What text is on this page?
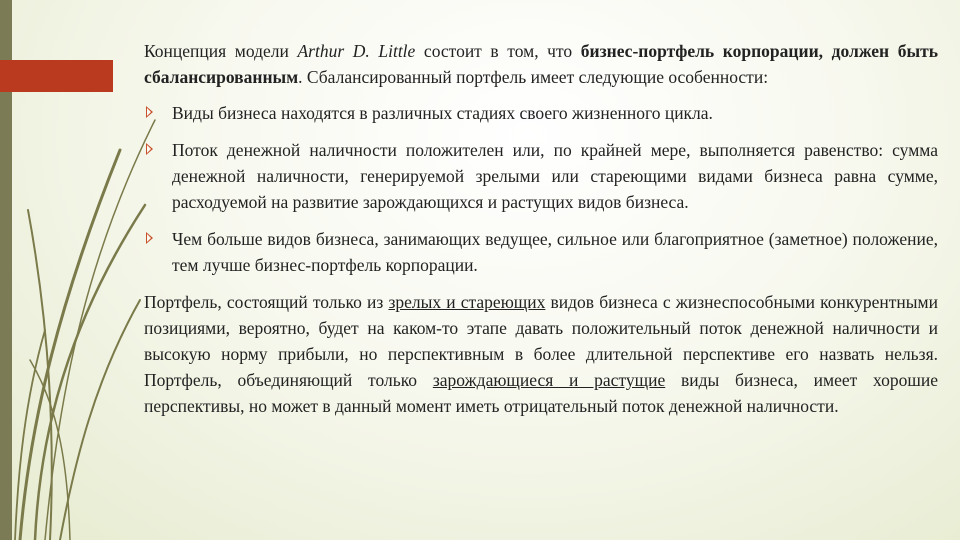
Концепция модели Arthur D. Little состоит в том, что бизнес-портфель корпорации, должен быть сбалансированным. Сбалансированный портфель имеет следующие особенности:

Виды бизнеса находятся в различных стадиях своего жизненного цикла.
Поток денежной наличности положителен или, по крайней мере, выполняется равенство: сумма денежной наличности, генерируемой зрелыми или стареющими видами бизнеса равна сумме, расходуемой на развитие зарождающихся и растущих видов бизнеса.
Чем больше видов бизнеса, занимающих ведущее, сильное или благоприятное (заметное) положение, тем лучше бизнес-портфель корпорации.

Портфель, состоящий только из зрелых и стареющих видов бизнеса с жизнеспособными конкурентными позициями, вероятно, будет на каком-то этапе давать положительный поток денежной наличности и высокую норму прибыли, но перспективным в более длительной перспективе его назвать нельзя. Портфель, объединяющий только зарождающиеся и растущие виды бизнеса, имеет хорошие перспективы, но может в данный момент иметь отрицательный поток денежной наличности.
